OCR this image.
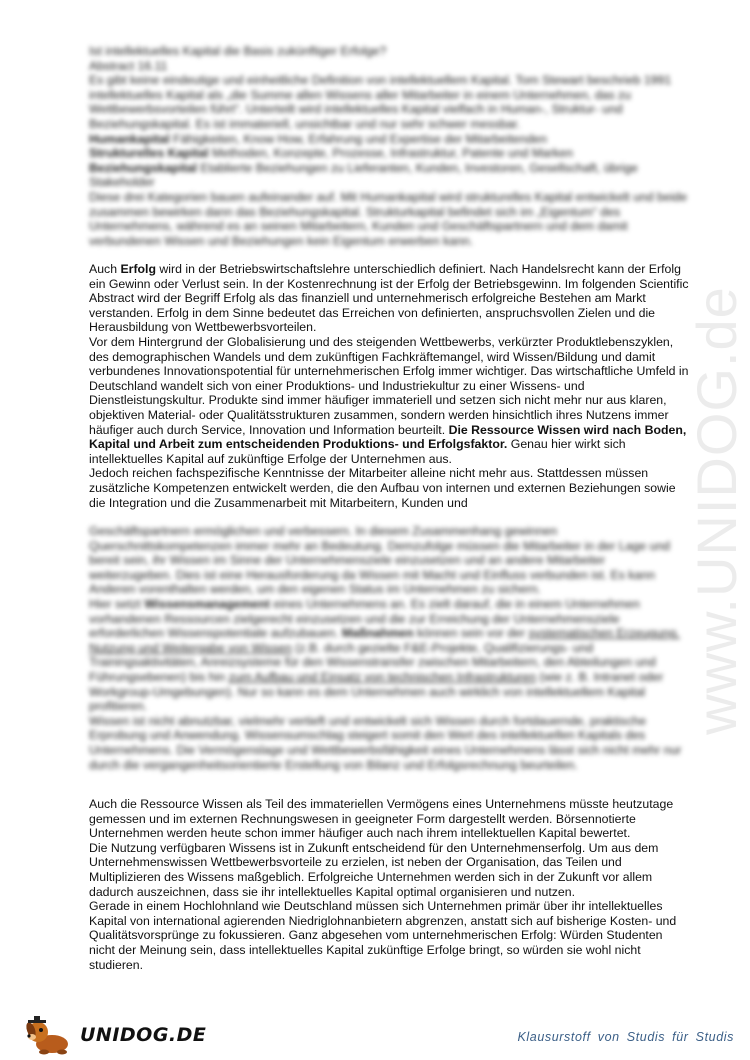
www.UNIDOG.de

Ist intellektuelles Kapital die Basis zukünftiger Erfolge?

Abstract 16.11

Es gibt keine eindeutige und einheitliche Definition von intellektuellem Kapital. Tom Stewart beschrieb 1991 intellektuelles Kapital als „die Summe allen Wissens aller Mitarbeiter in einem Unternehmen, das zu Wettbewerbsvorteilen führt“. Unterteilt wird intellektuelles Kapital vielfach in Human-, Struktur- und Beziehungskapital. Es ist immateriell, unsichtbar und nur sehr schwer messbar.

Humankapital Fähigkeiten, Know How, Erfahrung und Expertise der Mitarbeitenden

Strukturelles Kapital Methoden, Konzepte, Prozesse, Infrastruktur, Patente und Marken

Beziehungskapital Etablierte Beziehungen zu Lieferanten, Kunden, Investoren, Gesellschaft, übrige Stakeholder

Diese drei Kategorien bauen aufeinander auf. Mit Humankapital wird strukturelles Kapital entwickelt und beide zusammen bewirken dann das Beziehungskapital. Strukturkapital befindet sich im „Eigentum“ des Unternehmens, während es an seinen Mitarbeitern, Kunden und Geschäftspartnern und dem damit verbundenen Wissen und Beziehungen kein Eigentum erwerben kann.

Auch Erfolg wird in der Betriebswirtschaftslehre unterschiedlich definiert. Nach Handelsrecht kann der Erfolg ein Gewinn oder Verlust sein. In der Kostenrechnung ist der Erfolg der Betriebsgewinn. Im folgenden Scientific Abstract wird der Begriff Erfolg als das finanziell und unternehmerisch erfolgreiche Bestehen am Markt verstanden. Erfolg in dem Sinne bedeutet das Erreichen von definierten, anspruchsvollen Zielen und die Herausbildung von Wettbewerbsvorteilen.

Vor dem Hintergrund der Globalisierung und des steigenden Wettbewerbs, verkürzter Produktlebenszyklen, des demographischen Wandels und dem zukünftigen Fachkräftemangel, wird Wissen/Bildung und damit verbundenes Innovationspotential für unternehmerischen Erfolg immer wichtiger. Das wirtschaftliche Umfeld in Deutschland wandelt sich von einer Produktions- und Industriekultur zu einer Wissens- und Dienstleistungskultur. Produkte sind immer häufiger immateriell und setzen sich nicht mehr nur aus klaren, objektiven Material- oder Qualitätsstrukturen zusammen, sondern werden hinsichtlich ihres Nutzens immer häufiger auch durch Service, Innovation und Information beurteilt. Die Ressource Wissen wird nach Boden, Kapital und Arbeit zum entscheidenden Produktions- und Erfolgsfaktor. Genau hier wirkt sich intellektuelles Kapital auf zukünftige Erfolge der Unternehmen aus.

Jedoch reichen fachspezifische Kenntnisse der Mitarbeiter alleine nicht mehr aus. Stattdessen müssen zusätzliche Kompetenzen entwickelt werden, die den Aufbau von internen und externen Beziehungen sowie die Integration und die Zusammenarbeit mit Mitarbeitern, Kunden und

Geschäftspartnern ermöglichen und verbessern. In diesem Zusammenhang gewinnen Querschnittskompetenzen immer mehr an Bedeutung. Demzufolge müssen die Mitarbeiter in der Lage und bereit sein, ihr Wissen im Sinne der Unternehmensziele einzusetzen und an andere Mitarbeiter weiterzugeben. Dies ist eine Herausforderung da Wissen mit Macht und Einfluss verbunden ist. Es kann Anderen vorenthalten werden, um den eigenen Status im Unternehmen zu sichern.

Hier setzt Wissensmanagement eines Unternehmens an. Es zielt darauf, die in einem Unternehmen vorhandenen Ressourcen zielgerecht einzusetzen und die zur Erreichung der Unternehmensziele erforderlichen Wissenspotentiale aufzubauen. Maßnahmen können sein vor der systematischen Erzeugung, Nutzung und Weitergabe von Wissen (z.B. durch gezielte F&E-Projekte, Qualifizierungs- und Trainingsaktivitäten, Anreizsysteme für den Wissenstransfer zwischen Mitarbeitern, den Abteilungen und Führungsebenen) bis hin zum Aufbau und Einsatz von technischen Infrastrukturen (wie z. B. Intranet oder Workgroup-Umgebungen). Nur so kann es dem Unternehmen auch wirklich von intellektuellem Kapital profitieren.

Wissen ist nicht abnutzbar, vielmehr vertieft und entwickelt sich Wissen durch fortdauernde, praktische Erprobung und Anwendung. Wissensumschlag steigert somit den Wert des intellektuellen Kapitals des Unternehmens. Die Vermögenslage und Wettbewerbsfähigkeit eines Unternehmens lässt sich nicht mehr nur durch die vergangenheitsorientierte Erstellung von Bilanz und Erfolgsrechnung beurteilen.

Auch die Ressource Wissen als Teil des immateriellen Vermögens eines Unternehmens müsste heutzutage gemessen und im externen Rechnungswesen in geeigneter Form dargestellt werden. Börsennotierte Unternehmen werden heute schon immer häufiger auch nach ihrem intellektuellen Kapital bewertet.

Die Nutzung verfügbaren Wissens ist in Zukunft entscheidend für den Unternehmenserfolg. Um aus dem Unternehmenswissen Wettbewerbsvorteile zu erzielen, ist neben der Organisation, das Teilen und Multiplizieren des Wissens maßgeblich. Erfolgreiche Unternehmen werden sich in der Zukunft vor allem dadurch auszeichnen, dass sie ihr intellektuelles Kapital optimal organisieren und nutzen.

Gerade in einem Hochlohnland wie Deutschland müssen sich Unternehmen primär über ihr intellektuelles Kapital von international agierenden Niedriglohnanbietern abgrenzen, anstatt sich auf bisherige Kosten- und Qualitätsvorsprünge zu fokussieren. Ganz abgesehen vom unternehmerischen Erfolg: Würden Studenten nicht der Meinung sein, dass intellektuelles Kapital zukünftige Erfolge bringt, so würden sie wohl nicht studieren.

UNIDOG.DE	Klausurstoff von Studis für Studis
